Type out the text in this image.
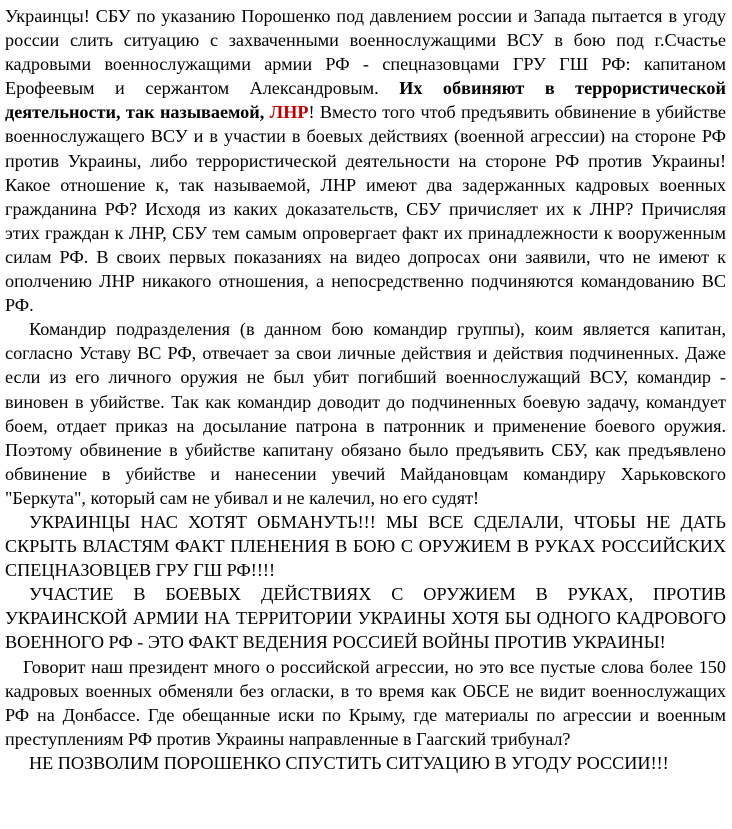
Украинцы! СБУ по указанию Порошенко под давлением россии и Запада пытается в угоду россии слить ситуацию с захваченными военнослужащими ВСУ в бою под г.Счастье кадровыми военнослужащими армии РФ - спецназовцами ГРУ ГШ РФ: капитаном Ерофеевым и сержантом Александровым. Их обвиняют в террористической деятельности, так называемой, ЛНР! Вместо того чтоб предъявить обвинение в убийстве военнослужащего ВСУ и в участии в боевых действиях (военной агрессии) на стороне РФ против Украины, либо террористической деятельности на стороне РФ против Украины! Какое отношение к, так называемой, ЛНР имеют два задержанных кадровых военных гражданина РФ? Исходя из каких доказательств, СБУ причисляет их к ЛНР? Причисляя этих граждан к ЛНР, СБУ тем самым опровергает факт их принадлежности к вооруженным силам РФ. В своих первых показаниях на видео допросах они заявили, что не имеют к ополчению ЛНР никакого отношения, а непосредственно подчиняются командованию ВС РФ.

Командир подразделения (в данном бою командир группы), коим является капитан, согласно Уставу ВС РФ, отвечает за свои личные действия и действия подчиненных. Даже если из его личного оружия не был убит погибший военнослужащий ВСУ, командир - виновен в убийстве. Так как командир доводит до подчиненных боевую задачу, командует боем, отдает приказ на досылание патрона в патронник и применение боевого оружия. Поэтому обвинение в убийстве капитану обязано было предъявить СБУ, как предъявлено обвинение в убийстве и нанесении увечий Майдановцам командиру Харьковского "Беркута", который сам не убивал и не калечил, но его судят!

УКРАИНЦЫ НАС ХОТЯТ ОБМАНУТЬ!!! МЫ ВСЕ СДЕЛАЛИ, ЧТОБЫ НЕ ДАТЬ СКРЫТЬ ВЛАСТЯМ ФАКТ ПЛЕНЕНИЯ В БОЮ С ОРУЖИЕМ В РУКАХ РОССИЙСКИХ СПЕЦНАЗОВЦЕВ ГРУ ГШ РФ!!!!

УЧАСТИЕ В БОЕВЫХ ДЕЙСТВИЯХ С ОРУЖИЕМ В РУКАХ, ПРОТИВ УКРАИНСКОЙ АРМИИ НА ТЕРРИТОРИИ УКРАИНЫ ХОТЯ БЫ ОДНОГО КАДРОВОГО ВОЕННОГО РФ - ЭТО ФАКТ ВЕДЕНИЯ РОССИЕЙ ВОЙНЫ ПРОТИВ УКРАИНЫ!

Говорит наш президент много о российской агрессии, но это все пустые слова более 150 кадровых военных обменяли без огласки, в то время как ОБСЕ не видит военнослужащих РФ на Донбассе. Где обещанные иски по Крыму, где материалы по агрессии и военным преступлениям РФ против Украины направленные в Гаагский трибунал?

НЕ ПОЗВОЛИМ ПОРОШЕНКО СПУСТИТЬ СИТУАЦИЮ В УГОДУ РОССИИ!!!
